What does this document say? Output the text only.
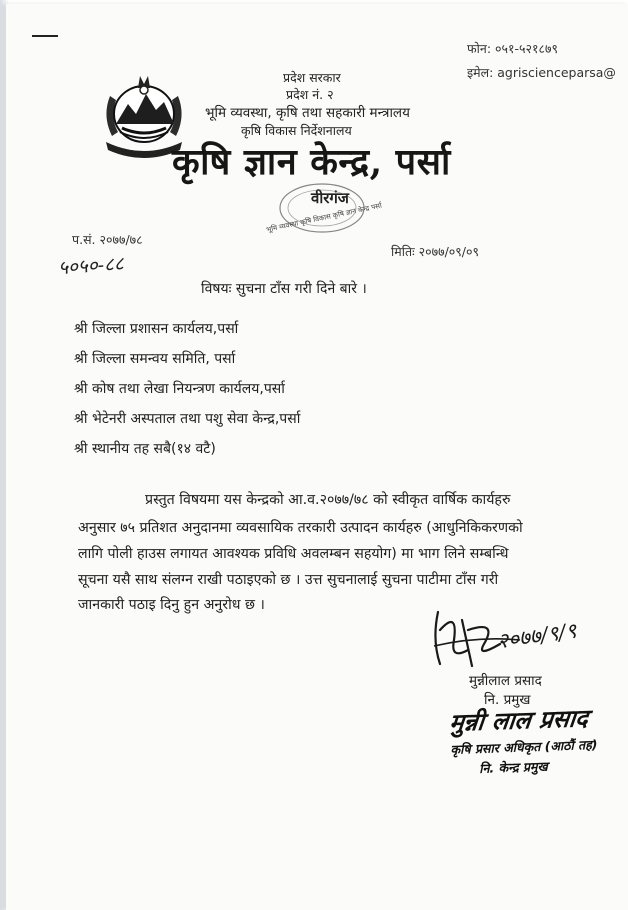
प्रदेश सरकार
फोन: ०५१-५२१८७९
इमेल: agriscienceparsa@
प्रदेश सरकार
प्रदेश नं. २
भूमि व्यवस्था, कृषि तथा सहकारी मन्त्रालय
कृषि विकास निर्देशनालय
कृषि ज्ञान केन्द्र, पर्सा
वीरगंज
भूमि व्यवस्था कृषि विकास कृषि ज्ञान केन्द्र पर्सा
प.सं. २०७७/७८
५०५०-८८
मितिः २०७७/०९/०९
विषयः सुचना टाँस गरी दिने बारे ।
श्री जिल्ला प्रशासन कार्यलय,पर्सा
श्री जिल्ला समन्वय समिति, पर्सा
श्री कोष तथा लेखा नियन्त्रण कार्यलय,पर्सा
श्री भेटेनरी अस्पताल तथा पशु सेवा केन्द्र,पर्सा
श्री स्थानीय तह सबै(१४ वटै)
प्रस्तुत विषयमा यस केन्द्रको आ.व.२०७७/७८ को स्वीकृत वार्षिक कार्यहरु
अनुसार ७५ प्रतिशत अनुदानमा व्यवसायिक तरकारी उत्पादन कार्यहरु (आधुनिकिकरणको
लागि पोली हाउस लगायत आवश्यक प्रविधि अवलम्बन सहयोग) मा भाग लिने सम्बन्धि
सूचना यसै साथ संलग्न राखी पठाइएको छ । उत्त सुचनालाई सुचना पाटीमा टाँस गरी
जानकारी पठाइ दिनु हुन अनुरोध छ ।
२०७७/९/९
मुन्नीलाल प्रसाद
नि. प्रमुख
मुन्नी लाल प्रसाद
कृषि प्रसार अधिकृत (आठौं तह)
नि. केन्द्र प्रमुख
